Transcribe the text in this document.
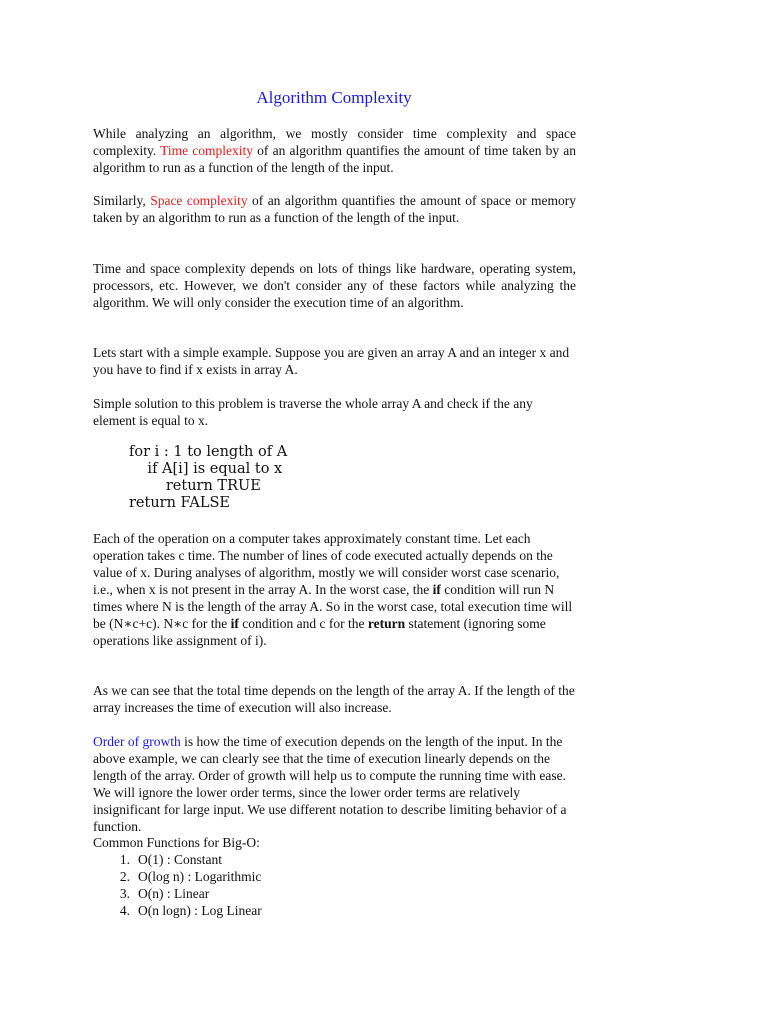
Algorithm Complexity

While analyzing an algorithm, we mostly consider time complexity and space complexity. Time complexity of an algorithm quantifies the amount of time taken by an algorithm to run as a function of the length of the input.

Similarly, Space complexity of an algorithm quantifies the amount of space or memory taken by an algorithm to run as a function of the length of the input.

Time and space complexity depends on lots of things like hardware, operating system, processors, etc. However, we don't consider any of these factors while analyzing the algorithm. We will only consider the execution time of an algorithm.

Lets start with a simple example. Suppose you are given an array A and an integer x and you have to find if x exists in array A.

Simple solution to this problem is traverse the whole array A and check if the any element is equal to x.

for i : 1 to length of A
if A[i] is equal to x
return TRUE
return FALSE

Each of the operation on a computer takes approximately constant time. Let each operation takes c time. The number of lines of code executed actually depends on the value of x. During analyses of algorithm, mostly we will consider worst case scenario, i.e., when x is not present in the array A. In the worst case, the if condition will run N times where N is the length of the array A. So in the worst case, total execution time will be (N∗c+c). N∗c for the if condition and c for the return statement (ignoring some operations like assignment of i).

As we can see that the total time depends on the length of the array A. If the length of the array increases the time of execution will also increase.

Order of growth is how the time of execution depends on the length of the input. In the above example, we can clearly see that the time of execution linearly depends on the length of the array. Order of growth will help us to compute the running time with ease. We will ignore the lower order terms, since the lower order terms are relatively insignificant for large input. We use different notation to describe limiting behavior of a function.

Common Functions for Big-O:

1. O(1) : Constant
2. O(log n) : Logarithmic
3. O(n) : Linear
4. O(n logn) : Log Linear
